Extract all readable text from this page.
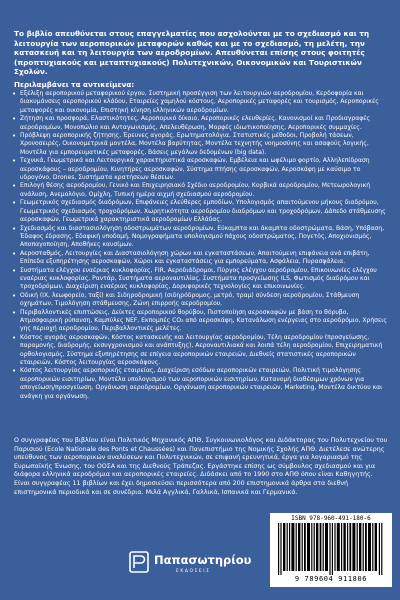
Το βιβλίο απευθύνεται στους επαγγελματίες που ασχολούνται με το σχεδιασμό και τη λειτουργία των αεροπορικών μεταφορών καθώς και με το σχεδιασμό, τη μελέτη, την κατασκευή και τη λειτουργία των αεροδρομίων. Απευθύνεται επίσης στους φοιτητές (προπτυχιακούς και μεταπτυχιακούς) Πολυτεχνικών, Οικονομικών και Τουριστικών Σχολών.
Περιλαμβάνει τα αντικείμενα:
• Εξέλιξη αεροπορικού μεταφορικού έργου, Συστημική προσέγγιση των λειτουργιών αεροδρομίου, Κερδοφορία και διακυμάνσεις αεροπορικού κλάδου, Εταιρείες χαμηλού κόστους, Αεροπορικές μεταφορές και τουρισμός, Αεροπορικές μεταφορές και οικονομία, Επιστηκή κίνηση ελληνικών αεροδρομίων.
• Ζήτηση και προσφορά, Ελαστικότητες, Αεροπορικό δίκαιο, Αεροπορικές ελευθερίες, Κανονισμοί και Προδιαγραφές αεροδρομίων, Μονοπώλιο και Ανταγωνισμός, Απελευθέρωση, Μορφές ιδιωτικοποίησης, Αεροπορικές συμμαχίες.
• Πρόβλεψη αεροπορικής ζήτησης, Έρευνες αγοράς, Ερωτηματολόγια, Στατιστικές μέθοδοι, Προβολή τάσεων, Χρονοσειρές, Οικονομετρικά μοντέλα, Μοντέλα βαρύτητας, Μοντέλα τεχνητής νοημοσύνης και ασαφούς λογικής, Μοντέλα για εμπορευματικές μεταφορές, Βάσεις μεγάλων δεδομένων (big data).
• Τεχνικά, Γεωμετρικά και Λειτουργικά χαρακτηριστικά αεροσκαφών, Εμβέλεια και ωφέλιμο φορτίο, Αλληλεπίδραση αεροσκάφους – αεροδρομίου, Κινητήρες αεροσκαφών, Σύστημα πτήσης αεροσκαφών, Αεροσκάφη με καύσιμο το υδρογόνο, Drones, Συστήματα κρατήσεων θέσεων.
• Επιλογή θέσης αεροδρομίου, Γενικό και Επιχειρησιακό Σχέδιο αεροδρομίου, Κορβικά αεροδρομίου, Μετεωρολογική ανάλυση, Ανεμολόγιο, Ομίχλη, Τυπική ημέρα αιχμή σχεδιασμού αεροδρομίου.
• Γεωμετρικός σχεδιασμός διαδρόμων, Επιφάνειες ελεύθερες εμποδίων, Υπολογισμός απαιτούμενου μήκους διαδρόμου, Γεωμετρικός σχεδιασμός τροχοδρόμων, Χωρητικότητα αεροδρομίου διαδρόμων και τροχοδρόμων, Δάπεδο στάθμευσης αεροσκαφών, Γεωμετρικά χαρακτηριστικά αεροδρομίων Ελλάδας.
• Σχεδιασμός και διαστασιολόγηση οδοστρωμάτων αεροδρομίων, Εύκαμπτα και άκαμπτα οδοστρώματα, Βάση, Υπόβαση, Έδαφος έδρασης, Εδαφική υποδομή, Νομογραφήματα υπολογισμού πάχους οδοστρώματος, Πογετός, Αποχιονισμός, Αποπαγοποίηση, Αποθήκες καυσίμων.
• Αεροσταθμός, Λειτουργίες και Διαστασιολόγηση χώρων και εγκαταστάσεων, Απαιτούμενη επιφάνεια ανά επιβάτη, Επίπεδα εξυπηρέτησης αεροσκαφών, Χώροι και εγκαταστάσεις για εμπορεύματα, Ασφάλεια, Πυρασφάλεια.
• Συστήματα ελέγχου εναέριας κυκλοφορίας, FIR, Αεροδιάδρομοι, Πύργος ελέγχου αεροδρομίου, Επικοινωνίες ελέγχου εναέριας κυκλοφορίας, Ραντάρ, Συστήματα αεροναυτιλίας, Συστήματα προσγείωσης ILS, Φωτισμός διαδρόμου και τροχοδρόμων, Διαχείριση εναέριας κυκλοφορίας, Δορυφορικές τεχνολογίες και επικοινωνίες.
• Οδική (IX, λεωφορείο, ταξί) και Σιδηροδρομική (σιδηρόδρομος, μετρό, τραμ) σύνδεση αεροδρομίου, Στάθμευση οχημάτων, Τιμολόγηση στάθμευσης, Ζώνη επιρροής αεροδρομίου.
• Περιβαλλοντικές επιπτώσεις, Δείκτες αεροπορικού θορύβου, Πιστοποίηση αεροσκαφών με βάση το θόρυβο, Ατμοσφαιρική ρύπανση, Καμπύλες NEF, Εκπομπές CO₂ από αεροσκάφη, Κατανάλωση ενέργειας στο αεροδρόμιο, Χρήσεις γης περιοχή αεροδρομίου, Περιβαλλοντικές μελέτες.
• Κόστος αγοράς αεροσκαφών, Κόστος κατασκευής και λειτουργίας αεροδρομίου, Τέλη αεροδρομίου (προσγείωσης, παραμονής, διαδρομής, εκσυγχρονισμού και ανάπτυξης), Αεροναυτιλιακά και λοιπά τέλη αεροδρομίου, Επιχειρηματική ορθολογισμός, Σύστημα εξυπηρέτησης σε επίγεια αεροπορικών εταιρειών, Διεθνείς στατιστικές αεροπορικών εταιρειών, Κόστος λειτουργίας αεροσκάφους.
• Κόστος λειτουργίας αεροπορικής εταιρείας, Διαχείριση εσόδων αεροπορικών εταιρειών, Πολιτική τιμολόγησης αεροπορικών εισιτηρίων, Μοντέλα υπολογισμού των αεροπορικών εισιτηρίων, Κατανομή διαθέσιμων χρόνων για απογείωση/προσγείωση, Οργάνωση αεροδρομίων, Οργάνωση αεροπορικών εταιρειών, Marketing, Μοντέλα δικτύου και ανάγκη για οργάνωση.
Ο συγγραφέας του βιβλίου είναι Πολιτικός Μηχανικός ΑΠΘ, Συγκοινωνιολόγος και Διδάκτορας του Πολυτεχνείου του Παρισιού (Ecole Nationale des Ponts et Chaussées) και Πανεπιστήμιο της Νομικής Σχολής ΑΠΘ. Διετέλεσε ανώτερης υπεύθυνος των αεροπορικών αναλύσεων και Πολυτεχνικών, σε επιφανή ερευνητικά, έργα για λογαριασμό της Ευρωπαϊκής Ένωσης, του ΟΟΣΑ και της Διεθνούς Τράπεζας. Εργάστηκε επίσης ως σύμβουλος σχεδιασμού και για διάφορα ελληνικά αεροδρόμια και αεροπορικές εταιρείες. Διδάσκει από το 1990 στο ΑΠΘ όπου είναι Καθηγητής. Είναι συγγραφέας 11 βιβλίων και έχει δημοσιεύσει περισσότερα από 200 επιστημονικά άρθρα στα διεθνή επιστημονικά περιοδικά και σε συνέδρια. Μιλά Αγγλικά, Γαλλικά, Ισπανικά και Γερμανικά.
ISBN 978-960-491-180-6
9 789604 911806
Παπασωτηρίου
ΕΚΔΟΣΕΙΣ
